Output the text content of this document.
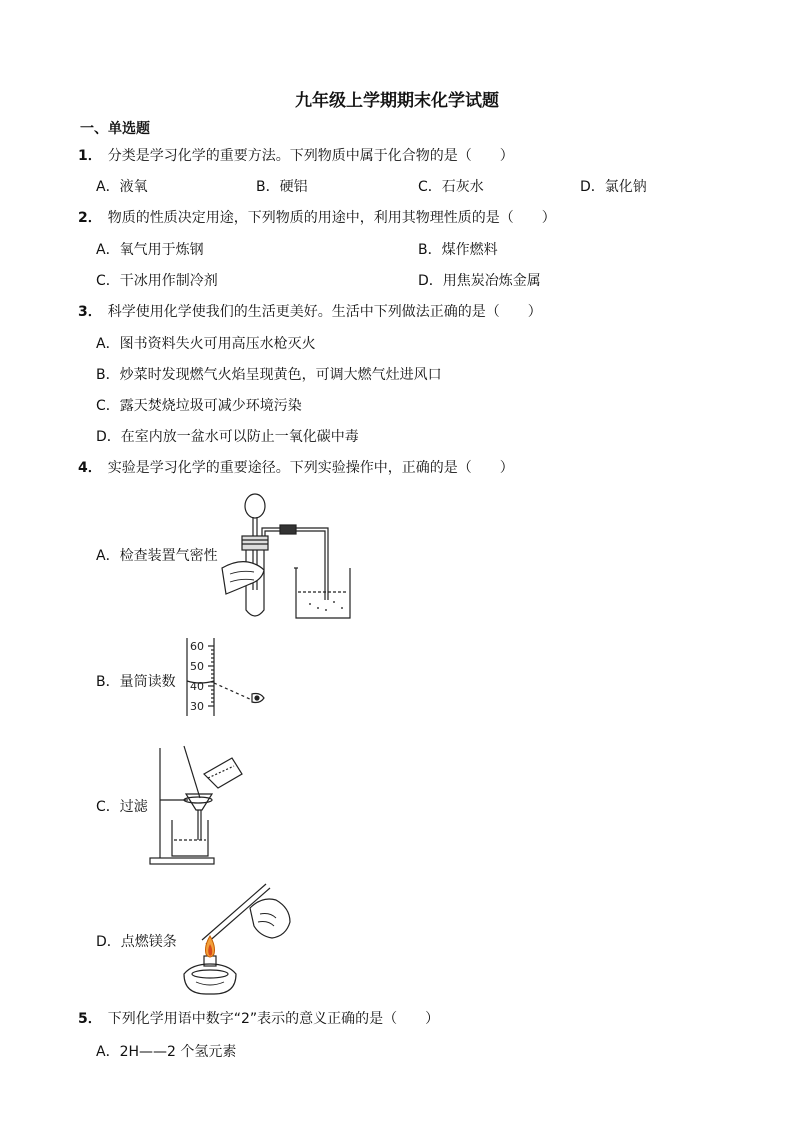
九年级上学期期末化学试题
一、单选题
1． 分类是学习化学的重要方法。下列物质中属于化合物的是（　　）
A．液氧	B．硬铝	C．石灰水	D．氯化钠
2． 物质的性质决定用途，下列物质的用途中，利用其物理性质的是（　　）
A．氧气用于炼钢	B．煤作燃料
C．干冰用作制冷剂	D．用焦炭冶炼金属
3． 科学使用化学使我们的生活更美好。生活中下列做法正确的是（　　）
A．图书资料失火可用高压水枪灭火
B．炒菜时发现燃气火焰呈现黄色，可调大燃气灶进风口
C．露天焚烧垃圾可减少环境污染
D．在室内放一盆水可以防止一氧化碳中毒
4． 实验是学习化学的重要途径。下列实验操作中，正确的是（　　）
A．检查装置气密性
B．量筒读数
60
50
40
30
C．过滤
D．点燃镁条
5． 下列化学用语中数字“2”表示的意义正确的是（　　）
A．2H——2 个氢元素
